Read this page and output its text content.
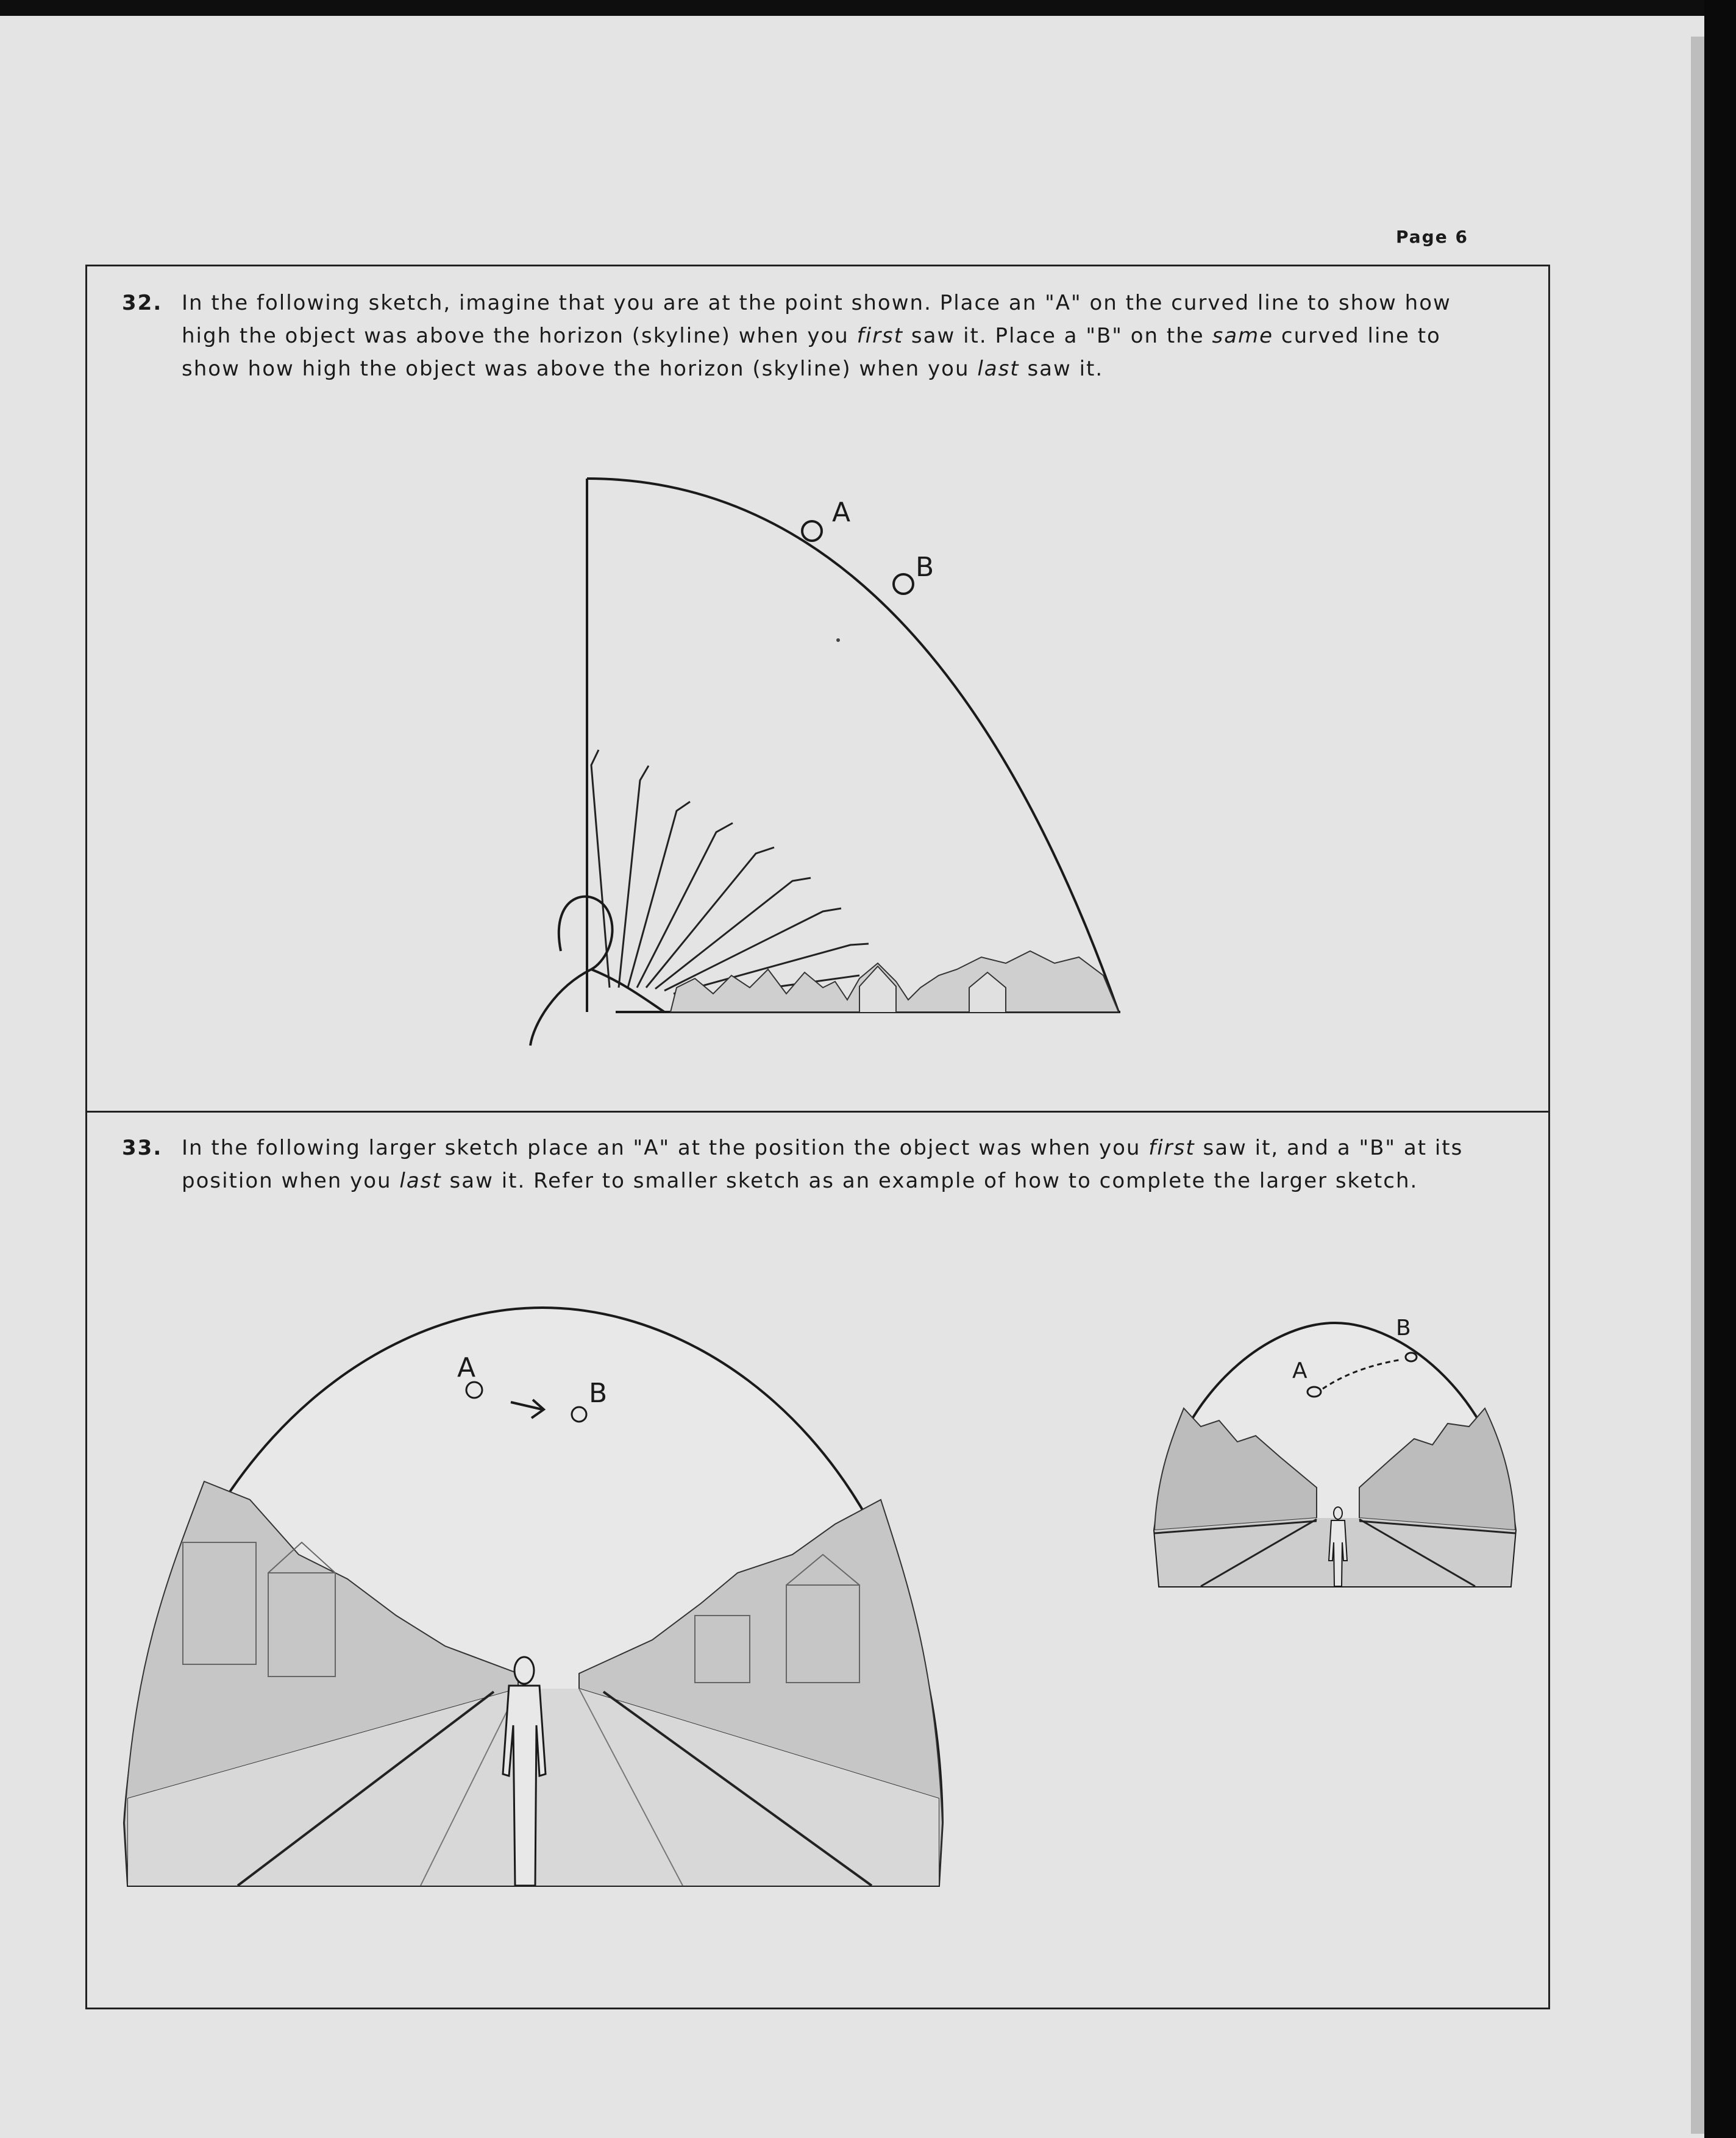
Page 6
32. In the following sketch, imagine that you are at the point shown. Place an "A" on the curved line to show how
high the object was above the horizon (skyline) when you first saw it. Place a "B" on the same curved line to
show how high the object was above the horizon (skyline) when you last saw it.
A
B
33. In the following larger sketch place an "A" at the position the object was when you first saw it, and a "B" at its
position when you last saw it. Refer to smaller sketch as an example of how to complete the larger sketch.
A
B
A
B
